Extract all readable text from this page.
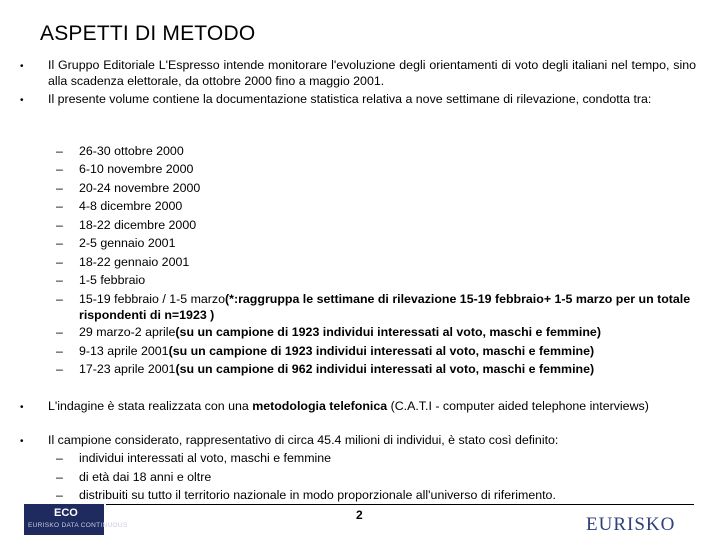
ASPETTI DI METODO
• Il Gruppo Editoriale L'Espresso intende monitorare l'evoluzione degli orientamenti di voto degli italiani nel tempo, sino alla scadenza elettorale, da ottobre 2000 fino a maggio 2001.
• Il presente volume contiene la documentazione statistica relativa a nove settimane di rilevazione, condotta tra:
– 26-30 ottobre 2000
– 6-10 novembre 2000
– 20-24 novembre 2000
– 4-8 dicembre 2000
– 18-22 dicembre 2000
– 2-5 gennaio 2001
– 18-22 gennaio 2001
– 1-5 febbraio
– 15-19 febbraio / 1-5 marzo(*:raggruppa le settimane di rilevazione 15-19 febbraio+ 1-5 marzo per un totale rispondenti di n=1923 )
– 29 marzo-2 aprile(su un campione di 1923 individui interessati al voto, maschi e femmine)
– 9-13 aprile 2001(su un campione di 1923 individui interessati al voto, maschi e femmine)
– 17-23 aprile 2001(su un campione di 962 individui interessati al voto, maschi e femmine)
• L'indagine è stata realizzata con una metodologia telefonica (C.A.T.I - computer aided telephone interviews)
• Il campione considerato, rappresentativo di circa 45.4 milioni di individui, è stato così definito:
– individui interessati al voto, maschi e femmine
– di età dai 18 anni e oltre
– distribuiti su tutto il territorio nazionale in modo proporzionale all'universo di riferimento.
ECO
EURISKO DATA CONTINUOUS
2	EURISKO
